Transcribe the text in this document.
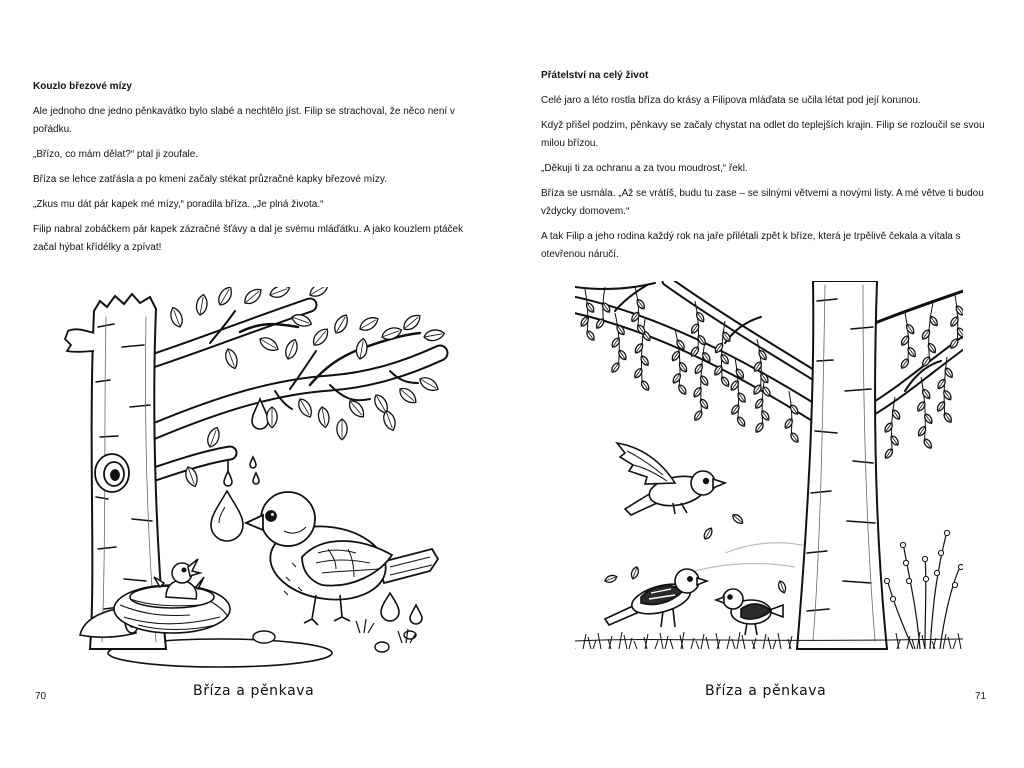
Kouzlo březové mízy

Ale jednoho dne jedno pěnkavátko bylo slabé a nechtělo jíst. Filip se strachoval, že něco není v pořádku.

„Břízo, co mám dělat?“ ptal ji zoufale.

Bříza se lehce zatřásla a po kmeni začaly stékat průzračné kapky březové mízy.

„Zkus mu dát pár kapek mé mízy,“ poradila bříza. „Je plná života.“

Filip nabral zobáčkem pár kapek zázračné šťávy a dal je svému mláďátku. A jako kouzlem ptáček začal hýbat křídélky a zpívat!

Přátelství na celý život

Celé jaro a léto rostla bříza do krásy a Filipova mláďata se učila létat pod její korunou.

Když přišel podzim, pěnkavy se začaly chystat na odlet do teplejších krajin. Filip se rozloučil se svou milou břízou.

„Děkuji ti za ochranu a za tvou moudrost,“ řekl.

Bříza se usmála. „Až se vrátíš, budu tu zase – se silnými větvemi a novými listy. A mé větve ti budou vždycky domovem.“

A tak Filip a jeho rodina každý rok na jaře přilétali zpět k bříze, která je trpělivě čekala a vítala s otevřenou náručí.

Bříza a pěnkava	Bříza a pěnkava
70	71
